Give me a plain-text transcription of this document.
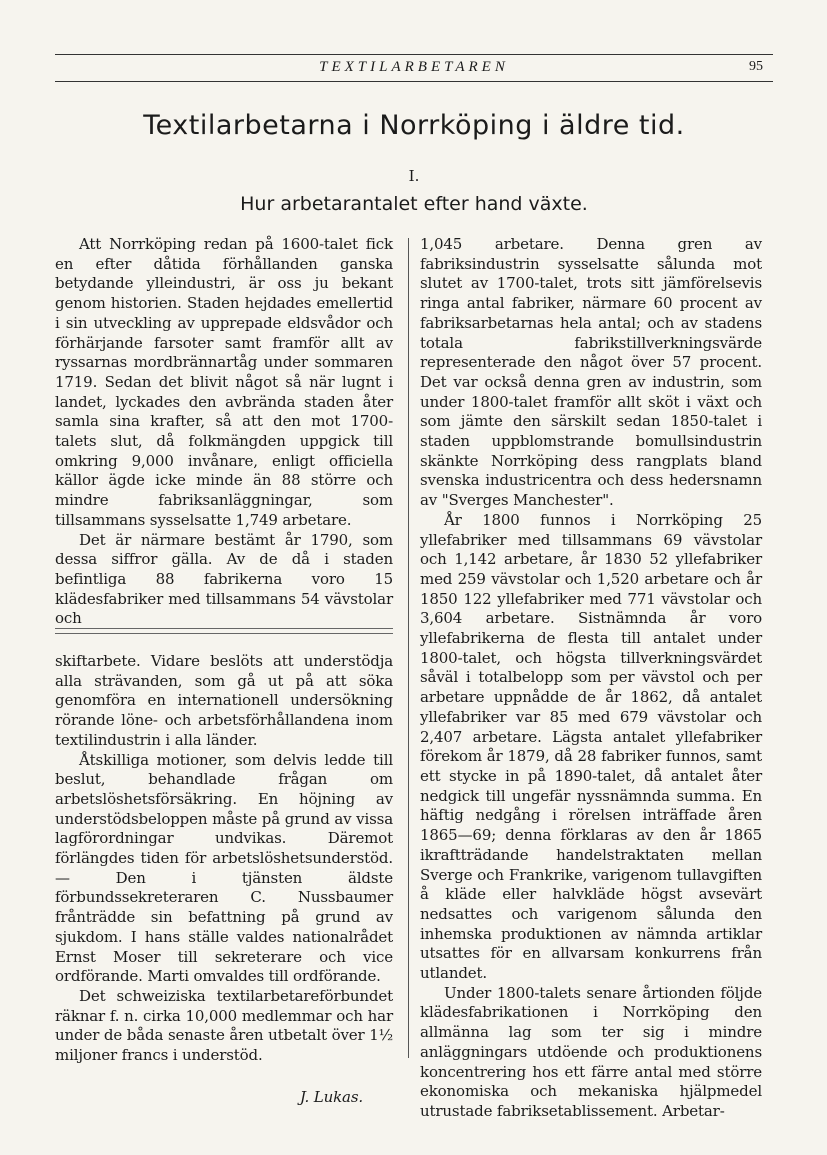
TEXTILARBETAREN	95
Textilarbetarna i Norrköping i äldre tid.
I.
Hur arbetarantalet efter hand växte.

Att Norrköping redan på 1600-talet fick en efter dåtida förhållanden ganska betydande ylleindustri, är oss ju bekant genom historien. Staden hejdades emellertid i sin utveckling av upprepade eldsvådor och förhärjande farsoter samt framför allt av ryssarnas mordbrännartåg under sommaren 1719. Sedan det blivit något så när lugnt i landet, lyckades den avbrända staden åter samla sina krafter, så att den mot 1700-talets slut, då folkmängden uppgick till omkring 9,000 invånare, enligt officiella källor ägde icke minde än 88 större och mindre fabriksanläggningar, som tillsammans sysselsatte 1,749 arbetare.

Det är närmare bestämt år 1790, som dessa siffror gälla. Av de då i staden befintliga 88 fabrikerna voro 15 klädesfabriker med tillsammans 54 vävstolar och

skiftarbete. Vidare beslöts att understödja alla strävanden, som gå ut på att söka genomföra en internationell undersökning rörande löne- och arbetsförhållandena inom textilindustrin i alla länder.

Åtskilliga motioner, som delvis ledde till beslut, behandlade frågan om arbetslöshetsförsäkring. En höjning av understödsbeloppen måste på grund av vissa lagförordningar undvikas. Däremot förlängdes tiden för arbetslöshetsunderstöd. — Den i tjänsten äldste förbundssekreteraren C. Nussbaumer frånträdde sin befattning på grund av sjukdom. I hans ställe valdes nationalrådet Ernst Moser till sekreterare och vice ordförande. Marti omvaldes till ordförande.

Det schweiziska textilarbetareförbundet räknar f. n. cirka 10,000 medlemmar och har under de båda senaste åren utbetalt över 1½ miljoner francs i understöd.

J. Lukas.

1,045 arbetare. Denna gren av fabriksindustrin sysselsatte sålunda mot slutet av 1700-talet, trots sitt jämförelsevis ringa antal fabriker, närmare 60 procent av fabriksarbetarnas hela antal; och av stadens totala fabrikstillverkningsvärde representerade den något över 57 procent. Det var också denna gren av industrin, som under 1800-talet framför allt sköt i växt och som jämte den särskilt sedan 1850-talet i staden uppblomstrande bomullsindustrin skänkte Norrköping dess rangplats bland svenska industricentra och dess hedersnamn av "Sverges Manchester".

År 1800 funnos i Norrköping 25 yllefabriker med tillsammans 69 vävstolar och 1,142 arbetare, år 1830 52 yllefabriker med 259 vävstolar och 1,520 arbetare och år 1850 122 yllefabriker med 771 vävstolar och 3,604 arbetare. Sistnämnda år voro yllefabrikerna de flesta till antalet under 1800-talet, och högsta tillverkningsvärdet såväl i totalbelopp som per vävstol och per arbetare uppnådde de år 1862, då antalet yllefabriker var 85 med 679 vävstolar och 2,407 arbetare. Lägsta antalet yllefabriker förekom år 1879, då 28 fabriker funnos, samt ett stycke in på 1890-talet, då antalet åter nedgick till ungefär nyssnämnda summa. En häftig nedgång i rörelsen inträffade åren 1865—69; denna förklaras av den år 1865 ikraftträdande handelstraktaten mellan Sverge och Frankrike, varigenom tullavgiften å kläde eller halvkläde högst avsevärt nedsattes och varigenom sålunda den inhemska produktionen av nämnda artiklar utsattes för en allvarsam konkurrens från utlandet.

Under 1800-talets senare årtionden följde klädesfabrikationen i Norrköping den allmänna lag som ter sig i mindre anläggningars utdöende och produktionens koncentrering hos ett färre antal med större ekonomiska och mekaniska hjälpmedel utrustade fabriksetablissement. Arbetar-
